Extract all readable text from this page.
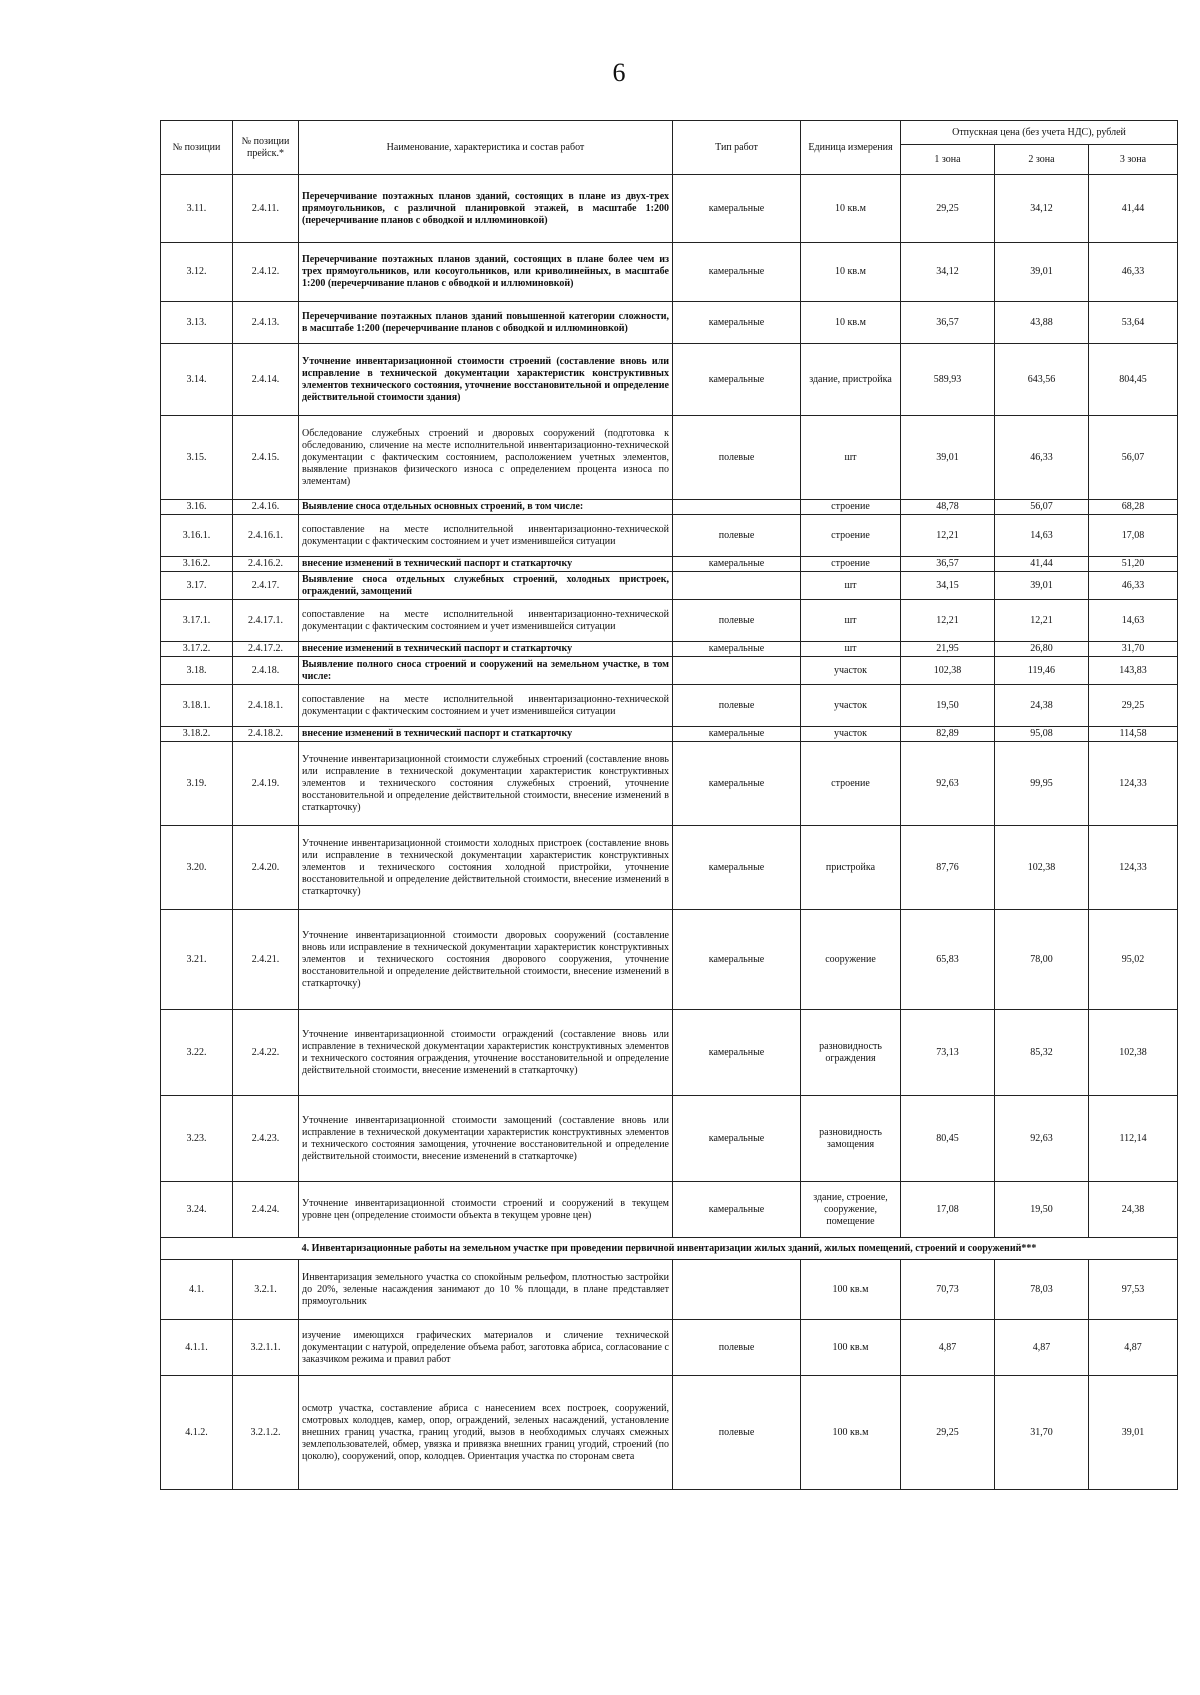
6
№ позиции	№ позиции прейск.*	Наименование, характеристика и состав работ	Тип работ	Единица измерения	Отпускная цена (без учета НДС), рублей		
					1 зона	2 зона	3 зона
3.11.	2.4.11.	Перечерчивание поэтажных планов зданий, состоящих в плане из двух-трех прямоугольников, с различной планировкой этажей, в масштабе 1:200 (перечерчивание планов с обводкой и иллюминовкой)	камеральные	10 кв.м	29,25	34,12	41,44
3.12.	2.4.12.	Перечерчивание поэтажных планов зданий, состоящих в плане более чем из трех прямоугольников, или косоугольников, или криволинейных, в масштабе 1:200 (перечерчивание планов с обводкой и иллюминовкой)	камеральные	10 кв.м	34,12	39,01	46,33
3.13.	2.4.13.	Перечерчивание поэтажных планов зданий повышенной категории сложности, в масштабе 1:200 (перечерчивание планов с обводкой и иллюминовкой)	камеральные	10 кв.м	36,57	43,88	53,64
3.14.	2.4.14.	Уточнение инвентаризационной стоимости строений (составление вновь или исправление в технической документации характеристик конструктивных элементов технического состояния, уточнение восстановительной и определение действительной стоимости здания)	камеральные	здание, пристройка	589,93	643,56	804,45
3.15.	2.4.15.	Обследование служебных строений и дворовых сооружений (подготовка к обследованию, сличение на месте исполнительной инвентаризационно-технической документации с фактическим состоянием, расположением учетных элементов, выявление признаков физического износа с определением процента износа по элементам)	полевые	шт	39,01	46,33	56,07
3.16.	2.4.16.	Выявление сноса отдельных основных строений, в том числе:		строение	48,78	56,07	68,28
3.16.1.	2.4.16.1.	сопоставление на месте исполнительной инвентаризационно-технической документации с фактическим состоянием и учет изменившейся ситуации	полевые	строение	12,21	14,63	17,08
3.16.2.	2.4.16.2.	внесение изменений в технический паспорт и статкарточку	камеральные	строение	36,57	41,44	51,20
3.17.	2.4.17.	Выявление сноса отдельных служебных строений, холодных пристроек, ограждений, замощений		шт	34,15	39,01	46,33
3.17.1.	2.4.17.1.	сопоставление на месте исполнительной инвентаризационно-технической документации с фактическим состоянием и учет изменившейся ситуации	полевые	шт	12,21	12,21	14,63
3.17.2.	2.4.17.2.	внесение изменений в технический паспорт и статкарточку	камеральные	шт	21,95	26,80	31,70
3.18.	2.4.18.	Выявление полного сноса строений и сооружений на земельном участке, в том числе:		участок	102,38	119,46	143,83
3.18.1.	2.4.18.1.	сопоставление на месте исполнительной инвентаризационно-технической документации с фактическим состоянием и учет изменившейся ситуации	полевые	участок	19,50	24,38	29,25
3.18.2.	2.4.18.2.	внесение изменений в технический паспорт и статкарточку	камеральные	участок	82,89	95,08	114,58
3.19.	2.4.19.	Уточнение инвентаризационной стоимости служебных строений (составление вновь или исправление в технической документации характеристик конструктивных элементов и технического состояния служебных строений, уточнение восстановительной и определение действительной стоимости, внесение изменений в статкарточку)	камеральные	строение	92,63	99,95	124,33
3.20.	2.4.20.	Уточнение инвентаризационной стоимости холодных пристроек (составление вновь или исправление в технической документации характеристик конструктивных элементов и технического состояния холодной пристройки, уточнение восстановительной и определение действительной стоимости, внесение изменений в статкарточку)	камеральные	пристройка	87,76	102,38	124,33
3.21.	2.4.21.	Уточнение инвентаризационной стоимости дворовых сооружений (составление вновь или исправление в технической документации характеристик конструктивных элементов и технического состояния дворового сооружения, уточнение восстановительной и определение действительной стоимости, внесение изменений в статкарточку)	камеральные	сооружение	65,83	78,00	95,02
3.22.	2.4.22.	Уточнение инвентаризационной стоимости ограждений (составление вновь или исправление в технической документации характеристик конструктивных элементов и технического состояния ограждения, уточнение восстановительной и определение действительной стоимости, внесение изменений в статкарточку)	камеральные	разновидность ограждения	73,13	85,32	102,38
3.23.	2.4.23.	Уточнение инвентаризационной стоимости замощений (составление вновь или исправление в технической документации характеристик конструктивных элементов и технического состояния замощения, уточнение восстановительной и определение действительной стоимости, внесение изменений в статкарточке)	камеральные	разновидность замощения	80,45	92,63	112,14
3.24.	2.4.24.	Уточнение инвентаризационной стоимости строений и сооружений в текущем уровне цен (определение стоимости объекта в текущем уровне цен)	камеральные	здание, строение, сооружение, помещение	17,08	19,50	24,38
4. Инвентаризационные работы на земельном участке при проведении первичной инвентаризации жилых зданий, жилых помещений, строений и сооружений***							
4.1.	3.2.1.	Инвентаризация земельного участка со спокойным рельефом, плотностью застройки до 20%, зеленые насаждения занимают до 10 % площади, в плане представляет прямоугольник		100 кв.м	70,73	78,03	97,53
4.1.1.	3.2.1.1.	изучение имеющихся графических материалов и сличение технической документации с натурой, определение объема работ, заготовка абриса, согласование с заказчиком режима и правил работ	полевые	100 кв.м	4,87	4,87	4,87
4.1.2.	3.2.1.2.	осмотр участка, составление абриса с нанесением всех построек, сооружений, смотровых колодцев, камер, опор, ограждений, зеленых насаждений, установление внешних границ участка, границ угодий, вызов в необходимых случаях смежных землепользователей, обмер, увязка и привязка внешних границ угодий, строений (по цоколю), сооружений, опор, колодцев. Ориентация участка по сторонам света	полевые	100 кв.м	29,25	31,70	39,01
